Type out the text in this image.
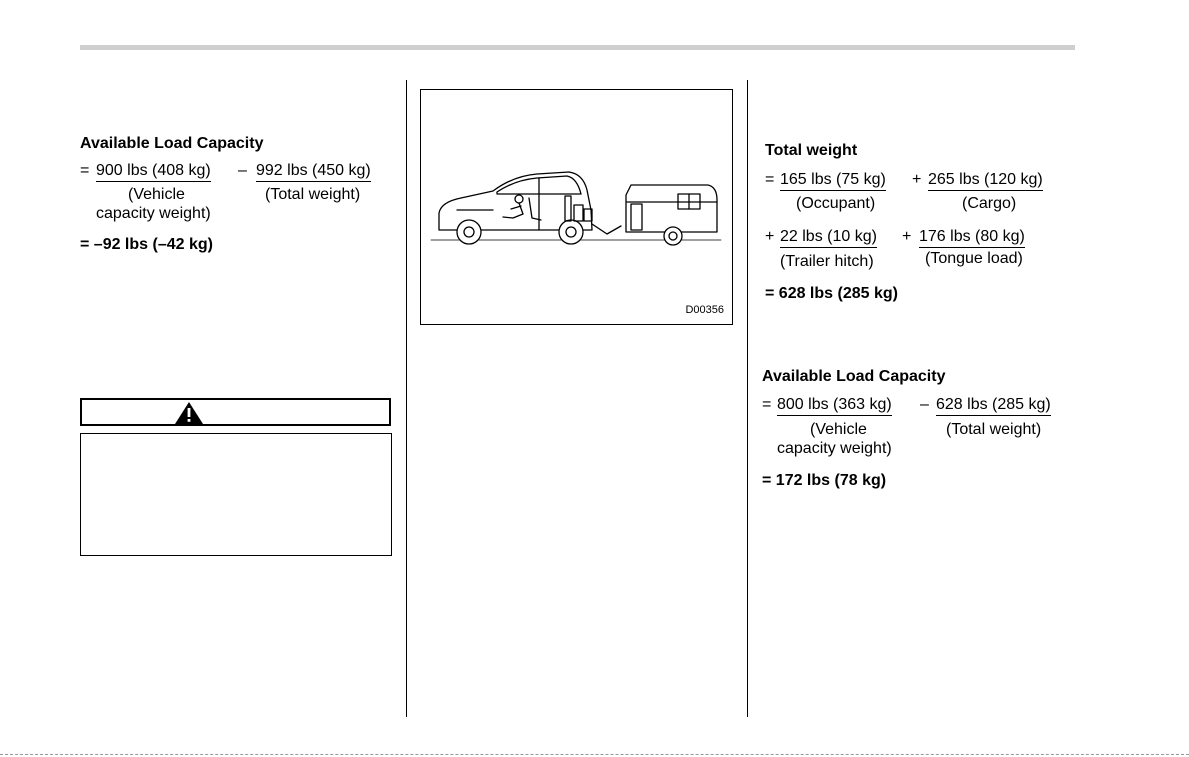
Available Load Capacity
= 900 lbs (408 kg) – 992 lbs (450 kg)
(Vehicle
capacity weight)
(Total weight)
= –92 lbs (–42 kg)
D00356
Total weight
= 165 lbs (75 kg) + 265 lbs (120 kg)
(Occupant)	(Cargo)
+ 22 lbs (10 kg) + 176 lbs (80 kg)
(Trailer hitch)	(Tongue load)
= 628 lbs (285 kg)
Available Load Capacity
= 800 lbs (363 kg) – 628 lbs (285 kg)
(Vehicle
capacity weight)
(Total weight)
= 172 lbs (78 kg)
